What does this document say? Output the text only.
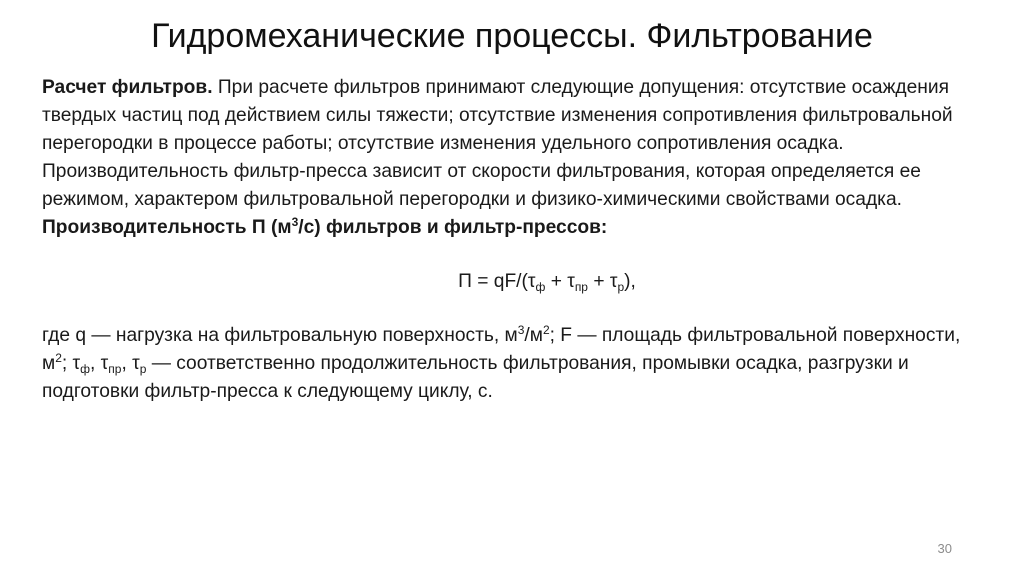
Гидромеханические процессы. Фильтрование

Расчет фильтров. При расчете фильтров принимают следующие допущения: отсутствие осаждения твердых частиц под действием силы тяжести; отсутствие изменения сопротивления фильтровальной перегородки в процессе работы; отсутствие изменения удельного сопротивления осадка.

Производительность фильтр-пресса зависит от скорости фильтрования, которая определяется ее режимом, характером фильтровальной перегородки и физико-химическими свойствами осадка.

Производительность П $(м^3/с)$ фильтров и фильтр-прессов:

$П = qF/(\tau_ф + \tau_{пр} + \tau_р)$,

где q — нагрузка на фильтровальную поверхность, $м^3/м^2$; F — площадь фильтровальной поверхности, $м^2$; $\tau_ф$, $\tau_{пр}$, $\tau_р$ — соответственно продолжительность фильтрования, промывки осадка, разгрузки и подготовки фильтр-пресса к следующему циклу, с.

30
